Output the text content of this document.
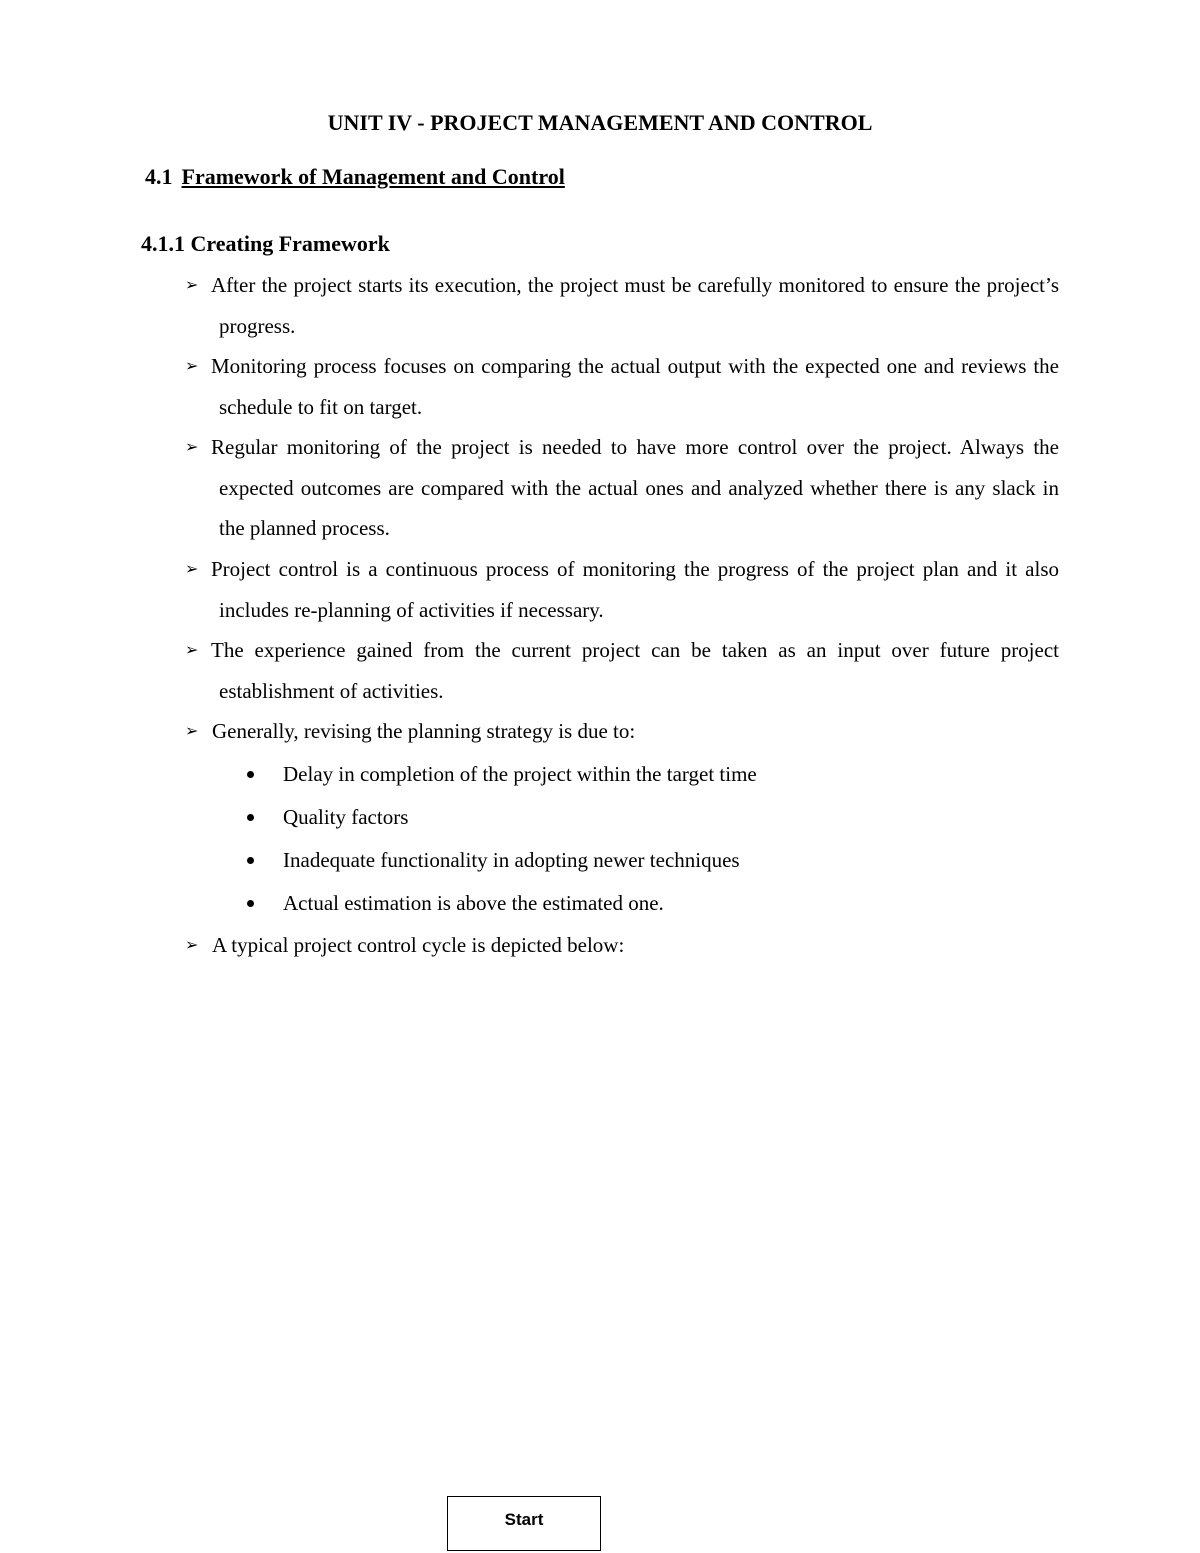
UNIT IV - PROJECT MANAGEMENT AND CONTROL
4.1 Framework of Management and Control
4.1.1 Creating Framework
➢ After the project starts its execution, the project must be carefully monitored to ensure the project’s progress.
➢ Monitoring process focuses on comparing the actual output with the expected one and reviews the schedule to fit on target.
➢ Regular monitoring of the project is needed to have more control over the project. Always the expected outcomes are compared with the actual ones and analyzed whether there is any slack in the planned process.
➢ Project control is a continuous process of monitoring the progress of the project plan and it also includes re-planning of activities if necessary.
➢ The experience gained from the current project can be taken as an input over future project establishment of activities.
➢ Generally, revising the planning strategy is due to:
Delay in completion of the project within the target time
Quality factors
Inadequate functionality in adopting newer techniques
Actual estimation is above the estimated one.
➢ A typical project control cycle is depicted below:
Start
